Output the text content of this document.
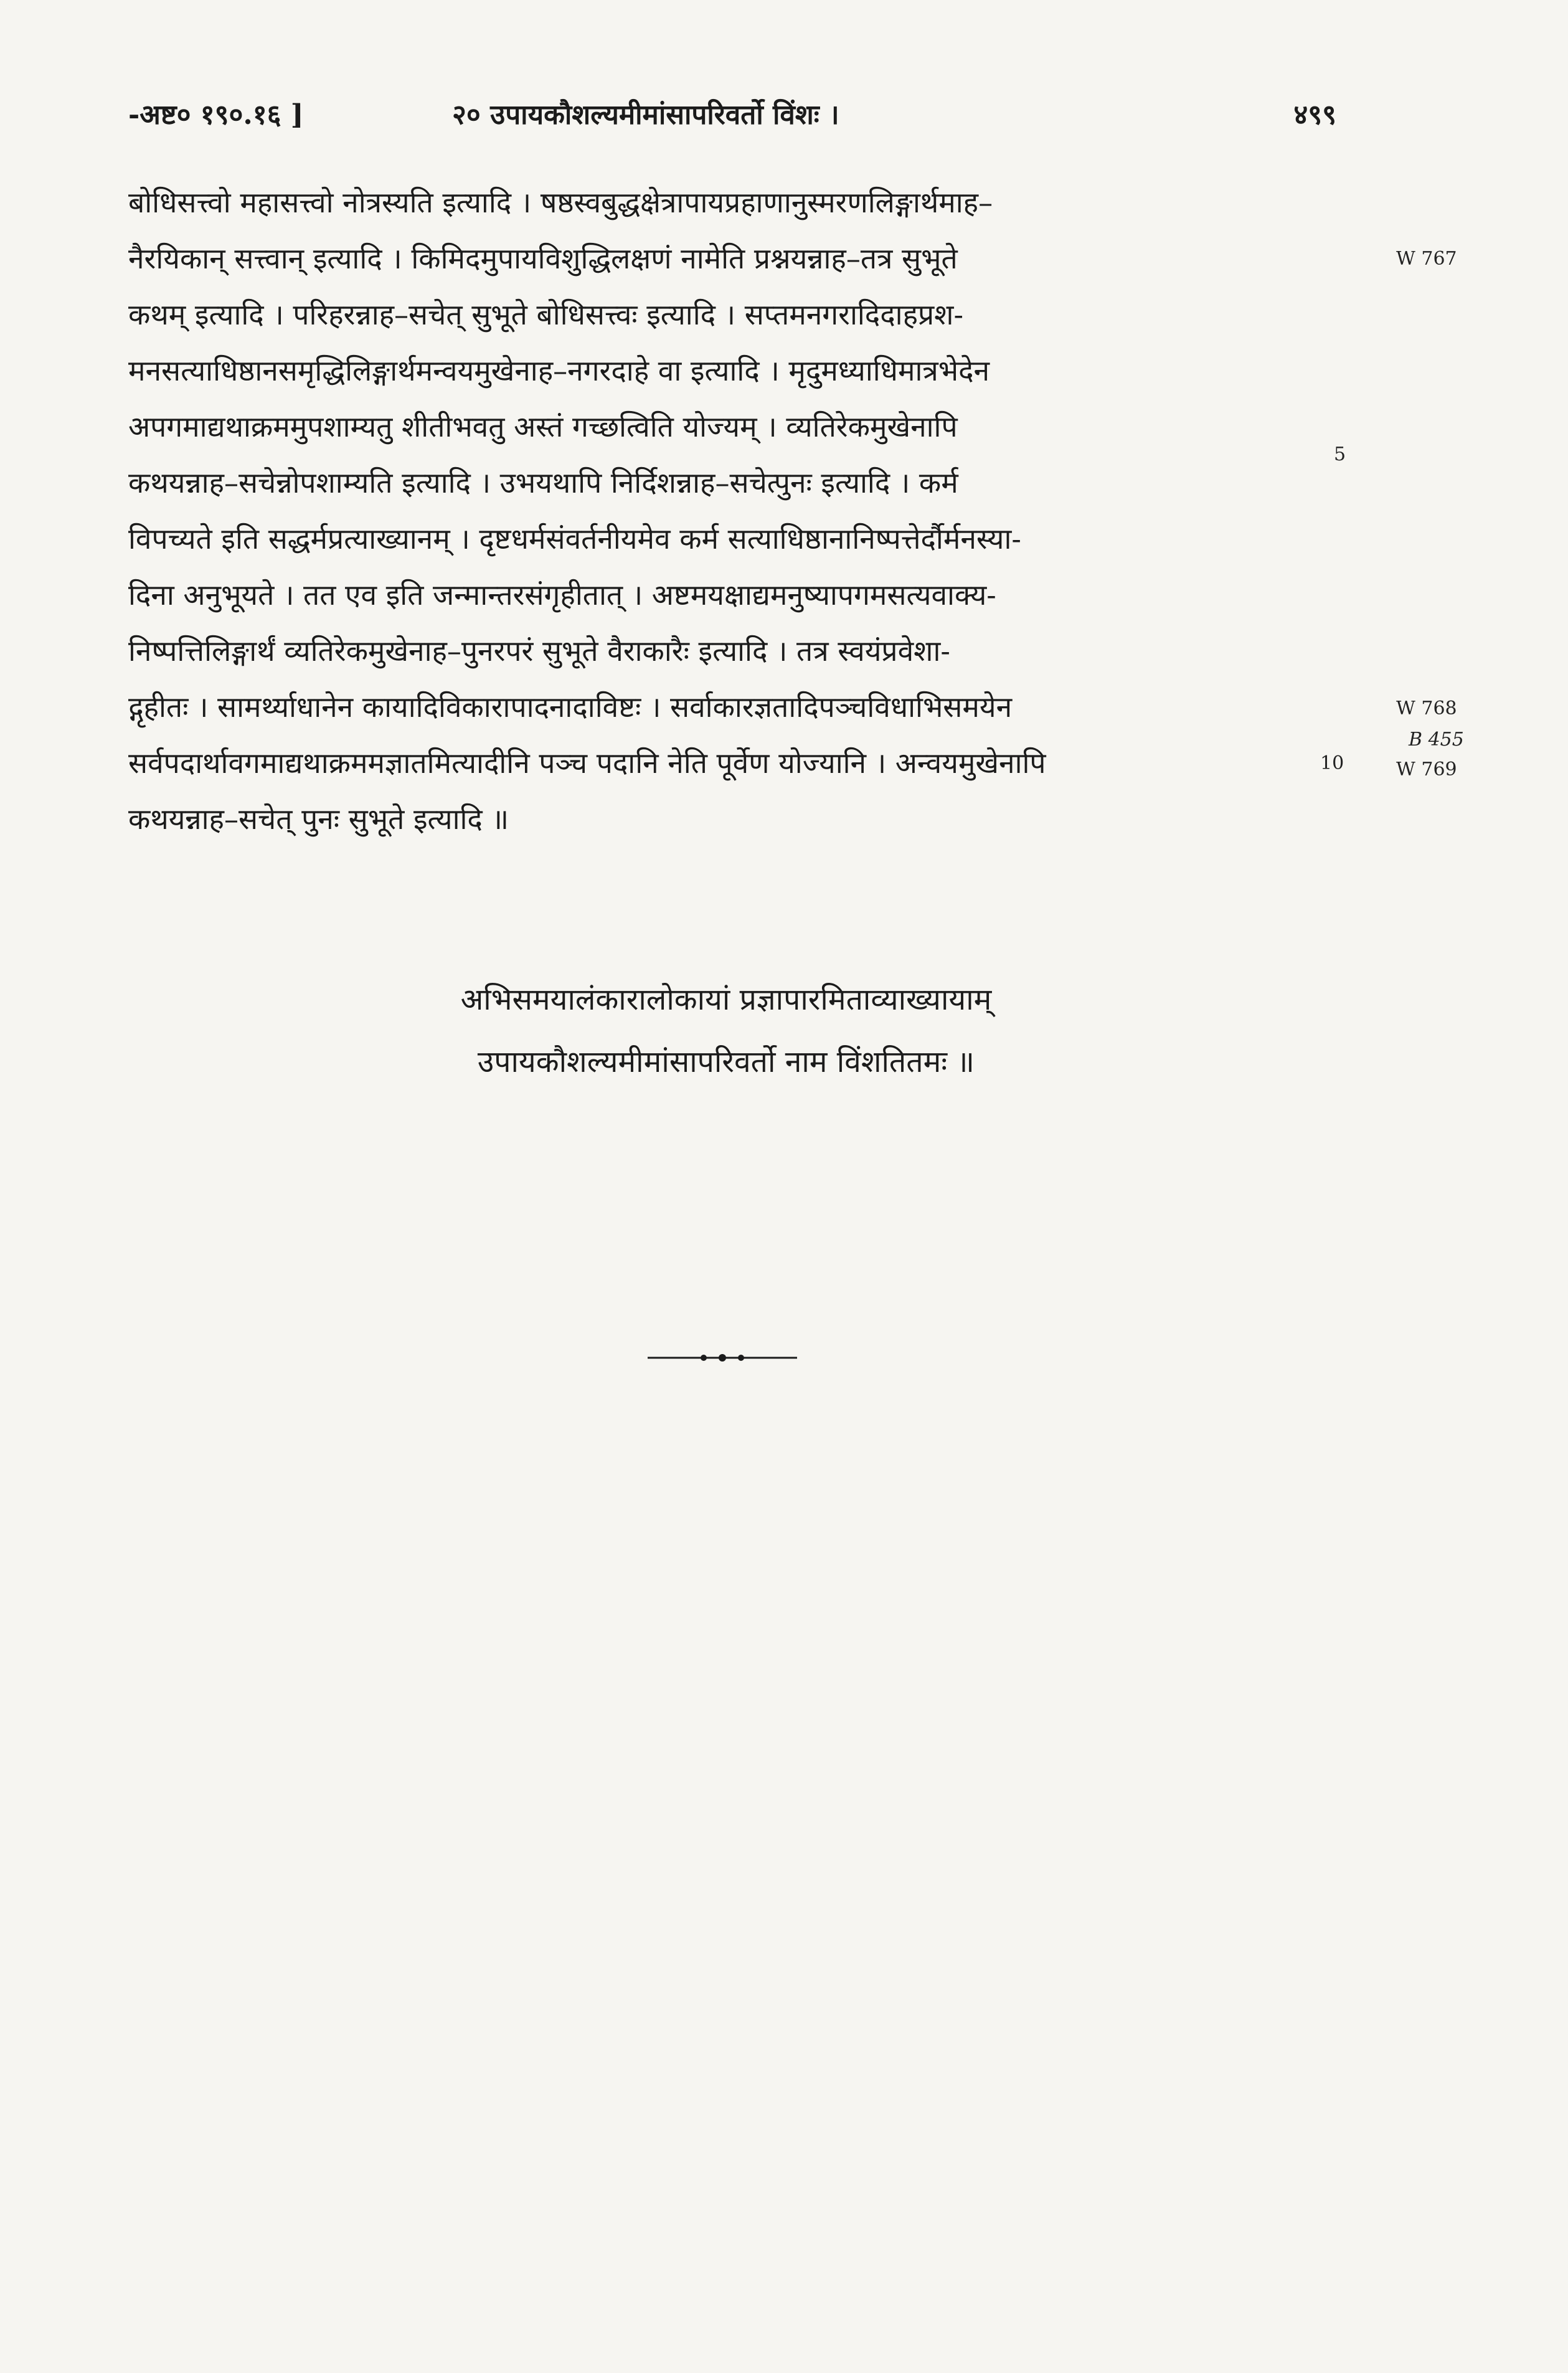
-अष्ट० १९०.१६ ]	२० उपायकौशल्यमीमांसापरिवर्तो विंशः ।	४९९
बोधिसत्त्वो महासत्त्वो नोत्रस्यति इत्यादि । षष्ठस्वबुद्धक्षेत्रापायप्रहाणानुस्मरणलिङ्गार्थमाह–
नैरयिकान् सत्त्वान् इत्यादि । किमिदमुपायविशुद्धिलक्षणं नामेति प्रश्नयन्नाह–तत्र सुभूते
कथम् इत्यादि । परिहरन्नाह–सचेत् सुभूते बोधिसत्त्वः इत्यादि । सप्तमनगरादिदाहप्रश-
मनसत्याधिष्ठानसमृद्धिलिङ्गार्थमन्वयमुखेनाह–नगरदाहे वा इत्यादि । मृदुमध्याधिमात्रभेदेन
अपगमाद्यथाक्रममुपशाम्यतु शीतीभवतु अस्तं गच्छत्विति योज्यम् । व्यतिरेकमुखेनापि
कथयन्नाह–सचेन्नोपशाम्यति इत्यादि । उभयथापि निर्दिशन्नाह–सचेत्पुनः इत्यादि । कर्म
विपच्यते इति सद्धर्मप्रत्याख्यानम् । दृष्टधर्मसंवर्तनीयमेव कर्म सत्याधिष्ठानानिष्पत्तेर्दौर्मनस्या-
दिना अनुभूयते । तत एव इति जन्मान्तरसंगृहीतात् । अष्टमयक्षाद्यमनुष्यापगमसत्यवाक्य-
निष्पत्तिलिङ्गार्थं व्यतिरेकमुखेनाह–पुनरपरं सुभूते वैराकारैः इत्यादि । तत्र स्वयंप्रवेशा-
द्गृहीतः । सामर्थ्याधानेन कायादिविकारापादनादाविष्टः । सर्वाकारज्ञतादिपञ्चविधाभिसमयेन
सर्वपदार्थावगमाद्यथाक्रममज्ञातमित्यादीनि पञ्च पदानि नेति पूर्वेण योज्यानि । अन्वयमुखेनापि
कथयन्नाह–सचेत् पुनः सुभूते इत्यादि ॥
5
10
W 767
W 768
B 455
W 769
अभिसमयालंकारालोकायां प्रज्ञापारमिताव्याख्यायाम्
उपायकौशल्यमीमांसापरिवर्तो नाम विंशतितमः ॥
